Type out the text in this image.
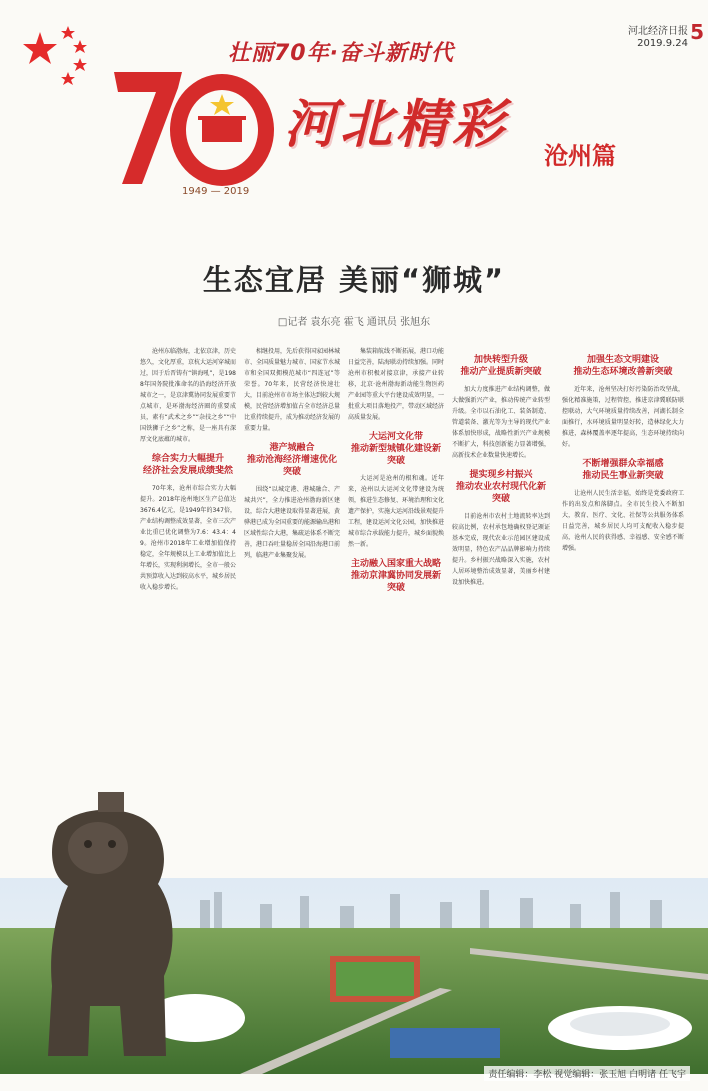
河北经济日报
2019.9.24 5
1949 — 2019
壮丽70年·奋斗新时代
河北精彩
沧州篇
生态宜居 美丽“狮城”
□记者 袁东亮 霍飞 通讯员 张旭东

沧州东临渤海，北依京津，历史悠久，文化厚重，京杭大运河穿城而过，因于后晋铸有“镇海吼”，是1988年国务院批准命名的沿海经济开放城市之一，是京津冀协同发展重要节点城市，是环渤海经济圈的重要成员，素有“武术之乡”“杂技之乡”“中国铁狮子之乡”之称，是一座具有深厚文化底蕴的城市。

综合实力大幅提升
经济社会发展成绩斐然

70年来，沧州市综合实力大幅提升。2018年沧州地区生产总值达3676.4亿元，是1949年的347倍，产业结构调整成效显著，全市三次产业比重已优化调整为7.6：43.4：49。沧州市2018年工业增加值保持稳定，全年规模以上工业增加值比上年增长，实现利润增长，全市一般公共预算收入达到较高水平，城乡居民收入稳步增长。

相继投用，先后获得国家园林城市、全国质量魅力城市、国家节水城市和全国双拥模范城市“四连冠”等荣誉。70年来，民营经济快速壮大，目前沧州市市场主体达到较大规模，民营经济增加值占全市经济总量比重持续提升，成为推动经济发展的重要力量。

港产城融合
推动沧海经济增速优化突破

围绕“以城定港、港城融合、产城共兴”，全力推进沧州渤海新区建设，综合大港建设取得显著进展，黄骅港已成为全国重要的能源输出港和区域性综合大港，集疏运体系不断完善，港口吞吐量稳居全国沿海港口前列，临港产业集聚发展。

集装箱航线不断拓展，港口功能日益完善，陆海联动持续加强。同时沧州市积极对接京津，承接产业转移，北京·沧州渤海新动能生物医药产业园等重大平台建设成效明显，一批重大项目落地投产，带动区域经济高质量发展。

大运河文化带
推动新型城镇化建设新突破

大运河是沧州的根和魂。近年来，沧州以大运河文化带建设为统领，推进生态修复、环境治理和文化遗产保护，实施大运河沿线景观提升工程，建设运河文化公园，加快推进城市综合承载能力提升，城乡面貌焕然一新。

主动融入国家重大战略
推动京津冀协同发展新突破
加快转型升级
推动产业提质新突破

加大力度推进产业结构调整，做大做强新兴产业，推动传统产业转型升级。全市以石油化工、装备制造、管道装备、激光等为主导的现代产业体系加快形成，战略性新兴产业规模不断扩大，科技创新能力显著增强，高新技术企业数量快速增长。

提实现乡村振兴
推动农业农村现代化新突破

目前沧州市农村土地流转率达到较高比例，农村承包地确权登记颁证基本完成，现代农业示范园区建设成效明显，特色农产品品牌影响力持续提升。乡村振兴战略深入实施，农村人居环境整治成效显著，美丽乡村建设加快推进。

加强生态文明建设
推动生态环境改善新突破

近年来，沧州坚决打好污染防治攻坚战，强化精准施策，过程管控，推进京津冀联防联控联动，大气环境质量持续改善，河湖长制全面推行，水环境质量明显好转，造林绿化大力推进，森林覆盖率逐年提高，生态环境持续向好。

不断增强群众幸福感
推动民生事业新突破

让沧州人民生活幸福，始终是党委政府工作的出发点和落脚点。全市民生投入不断加大，教育、医疗、文化、社保等公共服务体系日益完善，城乡居民人均可支配收入稳步提高，沧州人民的获得感、幸福感、安全感不断增强。

责任编辑：李松 视觉编辑：张玉旭 白明诸 任飞宇
